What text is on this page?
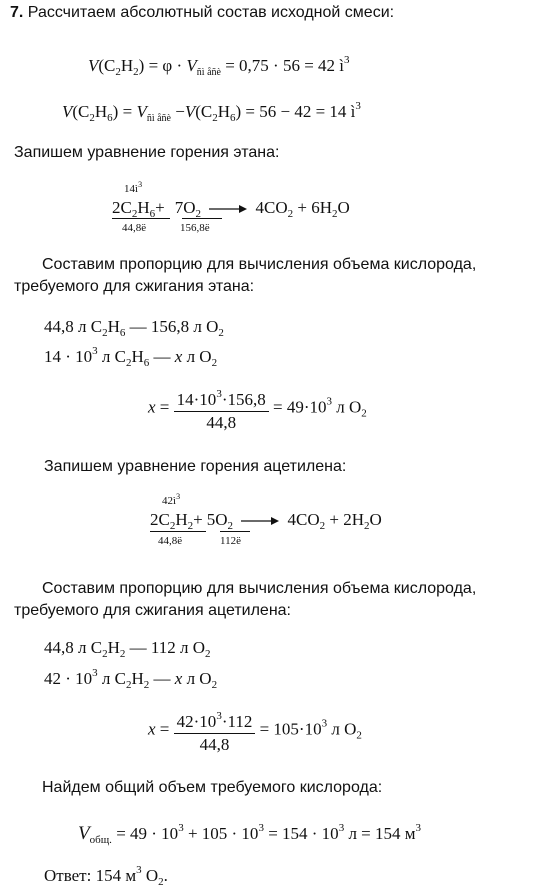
7. Рассчитаем абсолютный состав исходной смеси:
$V(C_2H_2) = \varphi \cdot V_{ñì åñè} = 0,75 \cdot 56 = 42$ $ì^3$
$V(C_2H_6) = V_{ñì åñè} -V(C_2H_6) = 56 - 42 = 14$ $ì^3$
Запишем уравнение горения этана:
$14ì^3$
$2C_2H_6+ 7O_2$	$4CO_2 + 6H_2O$
44,8ë	156,8ë
Составим пропорцию для вычисления объема кислорода,
требуемого для сжигания этана:
44,8 л $C_2H_6$ — 156,8 л $O_2$
$14 \cdot 10^3$ л $C_2H_6$ — x л $O_2$
$x = \frac{14\cdot 10^3\cdot 156,8}{44,8} = 49\cdot 10^3$ л $O_2$
Запишем уравнение горения ацетилена:
$42ì^3$
$2C_2H_2+ 5O_2$	$4CO_2 + 2H_2O$
44,8ë	112ë
Составим пропорцию для вычисления объема кислорода,
требуемого для сжигания ацетилена:
44,8 л $C_2H_2$ — 112 л $O_2$
$42 \cdot 10^3$ л $C_2H_2$ — x л $O_2$
$x = \frac{42\cdot 10^3\cdot 112}{44,8} = 105\cdot 10^3$ л $O_2$
Найдем общий объем требуемого кислорода:
$V_{общ.} = 49 \cdot 10^3 + 105 \cdot 10^3 = 154 \cdot 10^3$ л = 154 $м^3$
Ответ: 154 $м^3$ $O_2$.
